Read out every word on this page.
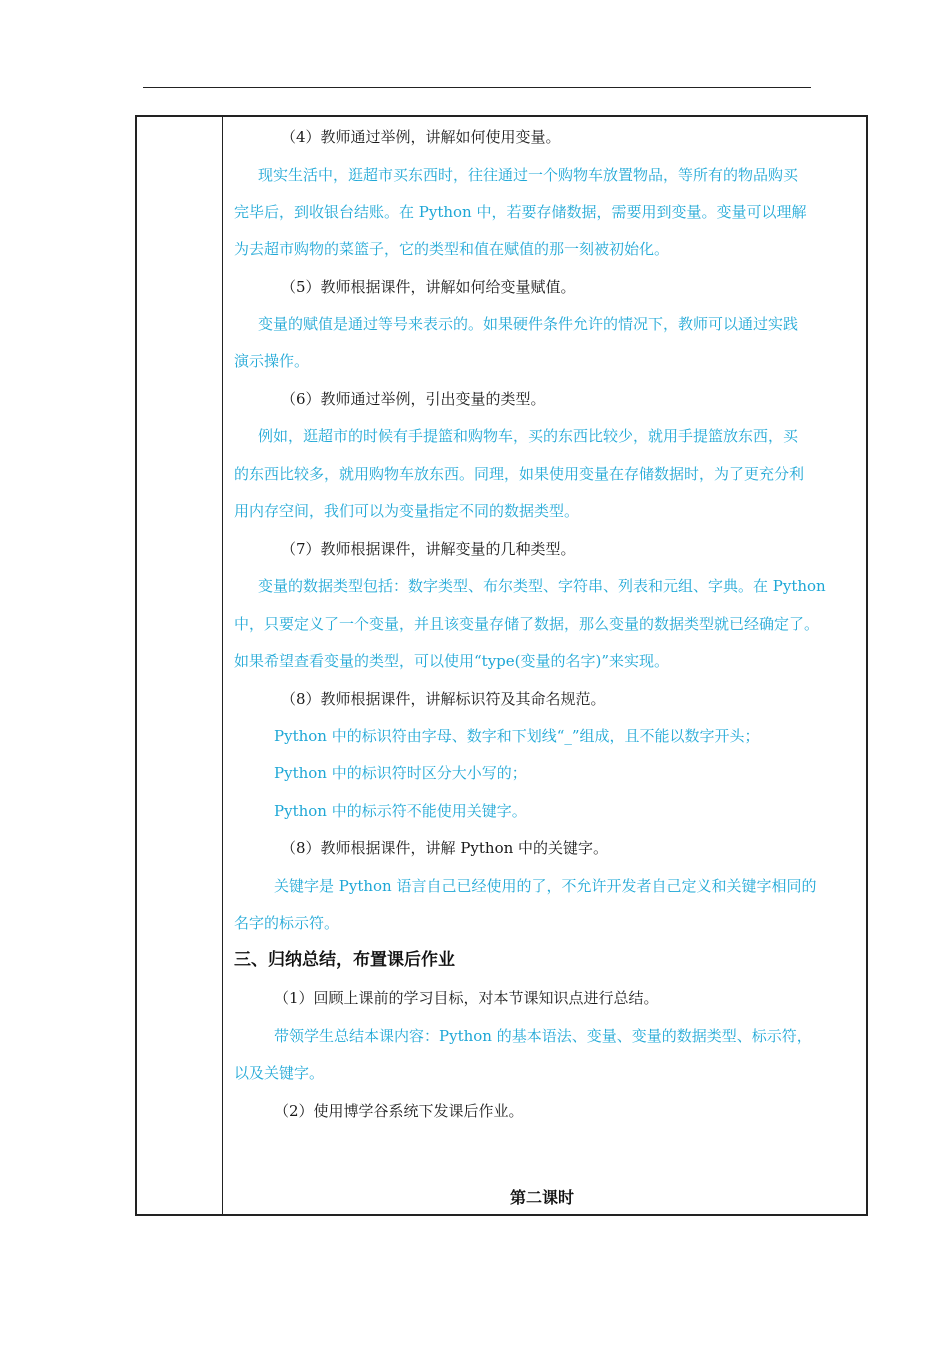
（4）教师通过举例，讲解如何使用变量。
现实生活中，逛超市买东西时，往往通过一个购物车放置物品，等所有的物品购买
完毕后，到收银台结账。在 Python 中，若要存储数据，需要用到变量。变量可以理解
为去超市购物的菜篮子，它的类型和值在赋值的那一刻被初始化。
（5）教师根据课件，讲解如何给变量赋值。
变量的赋值是通过等号来表示的。如果硬件条件允许的情况下，教师可以通过实践
演示操作。
（6）教师通过举例，引出变量的类型。
例如，逛超市的时候有手提篮和购物车，买的东西比较少，就用手提篮放东西，买
的东西比较多，就用购物车放东西。同理，如果使用变量在存储数据时，为了更充分利
用内存空间，我们可以为变量指定不同的数据类型。
（7）教师根据课件，讲解变量的几种类型。
变量的数据类型包括：数字类型、布尔类型、字符串、列表和元组、字典。在 Python
中，只要定义了一个变量，并且该变量存储了数据，那么变量的数据类型就已经确定了。
如果希望查看变量的类型，可以使用“type(变量的名字)”来实现。
（8）教师根据课件，讲解标识符及其命名规范。
Python 中的标识符由字母、数字和下划线“_”组成，且不能以数字开头；
Python 中的标识符时区分大小写的；
Python 中的标示符不能使用关键字。
（8）教师根据课件，讲解 Python 中的关键字。
关键字是 Python 语言自己已经使用的了，不允许开发者自己定义和关键字相同的
名字的标示符。
三、归纳总结，布置课后作业
（1）回顾上课前的学习目标，对本节课知识点进行总结。
带领学生总结本课内容：Python 的基本语法、变量、变量的数据类型、标示符，
以及关键字。
（2）使用博学谷系统下发课后作业。
第二课时
